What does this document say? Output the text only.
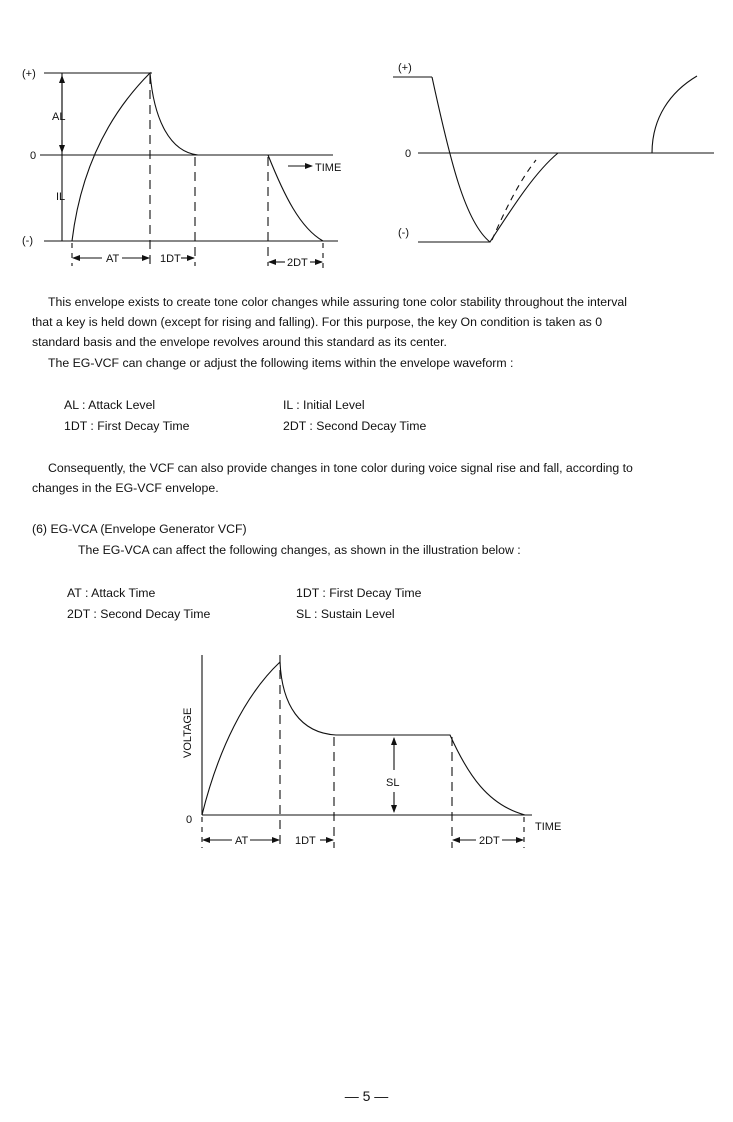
(+)
0
(-)
AL
IL
TIME
AT	1DT	2DT
(+)
0
(-)
VOLTAGE
0
SL
TIME
AT	1DT	2DT
This envelope exists to create tone color changes while assuring tone color stability throughout the interval
that a key is held down (except for rising and falling). For this purpose, the key On condition is taken as 0
standard basis and the envelope revolves around this standard as its center.
The EG-VCF can change or adjust the following items within the envelope waveform :
AL : Attack Level	IL : Initial Level
1DT : First Decay Time	2DT : Second Decay Time
Consequently, the VCF can also provide changes in tone color during voice signal rise and fall, according to
changes in the EG-VCF envelope.
(6) EG-VCA (Envelope Generator VCF)
The EG-VCA can affect the following changes, as shown in the illustration below :
AT : Attack Time	1DT : First Decay Time
2DT : Second Decay Time	SL : Sustain Level
— 5 —
